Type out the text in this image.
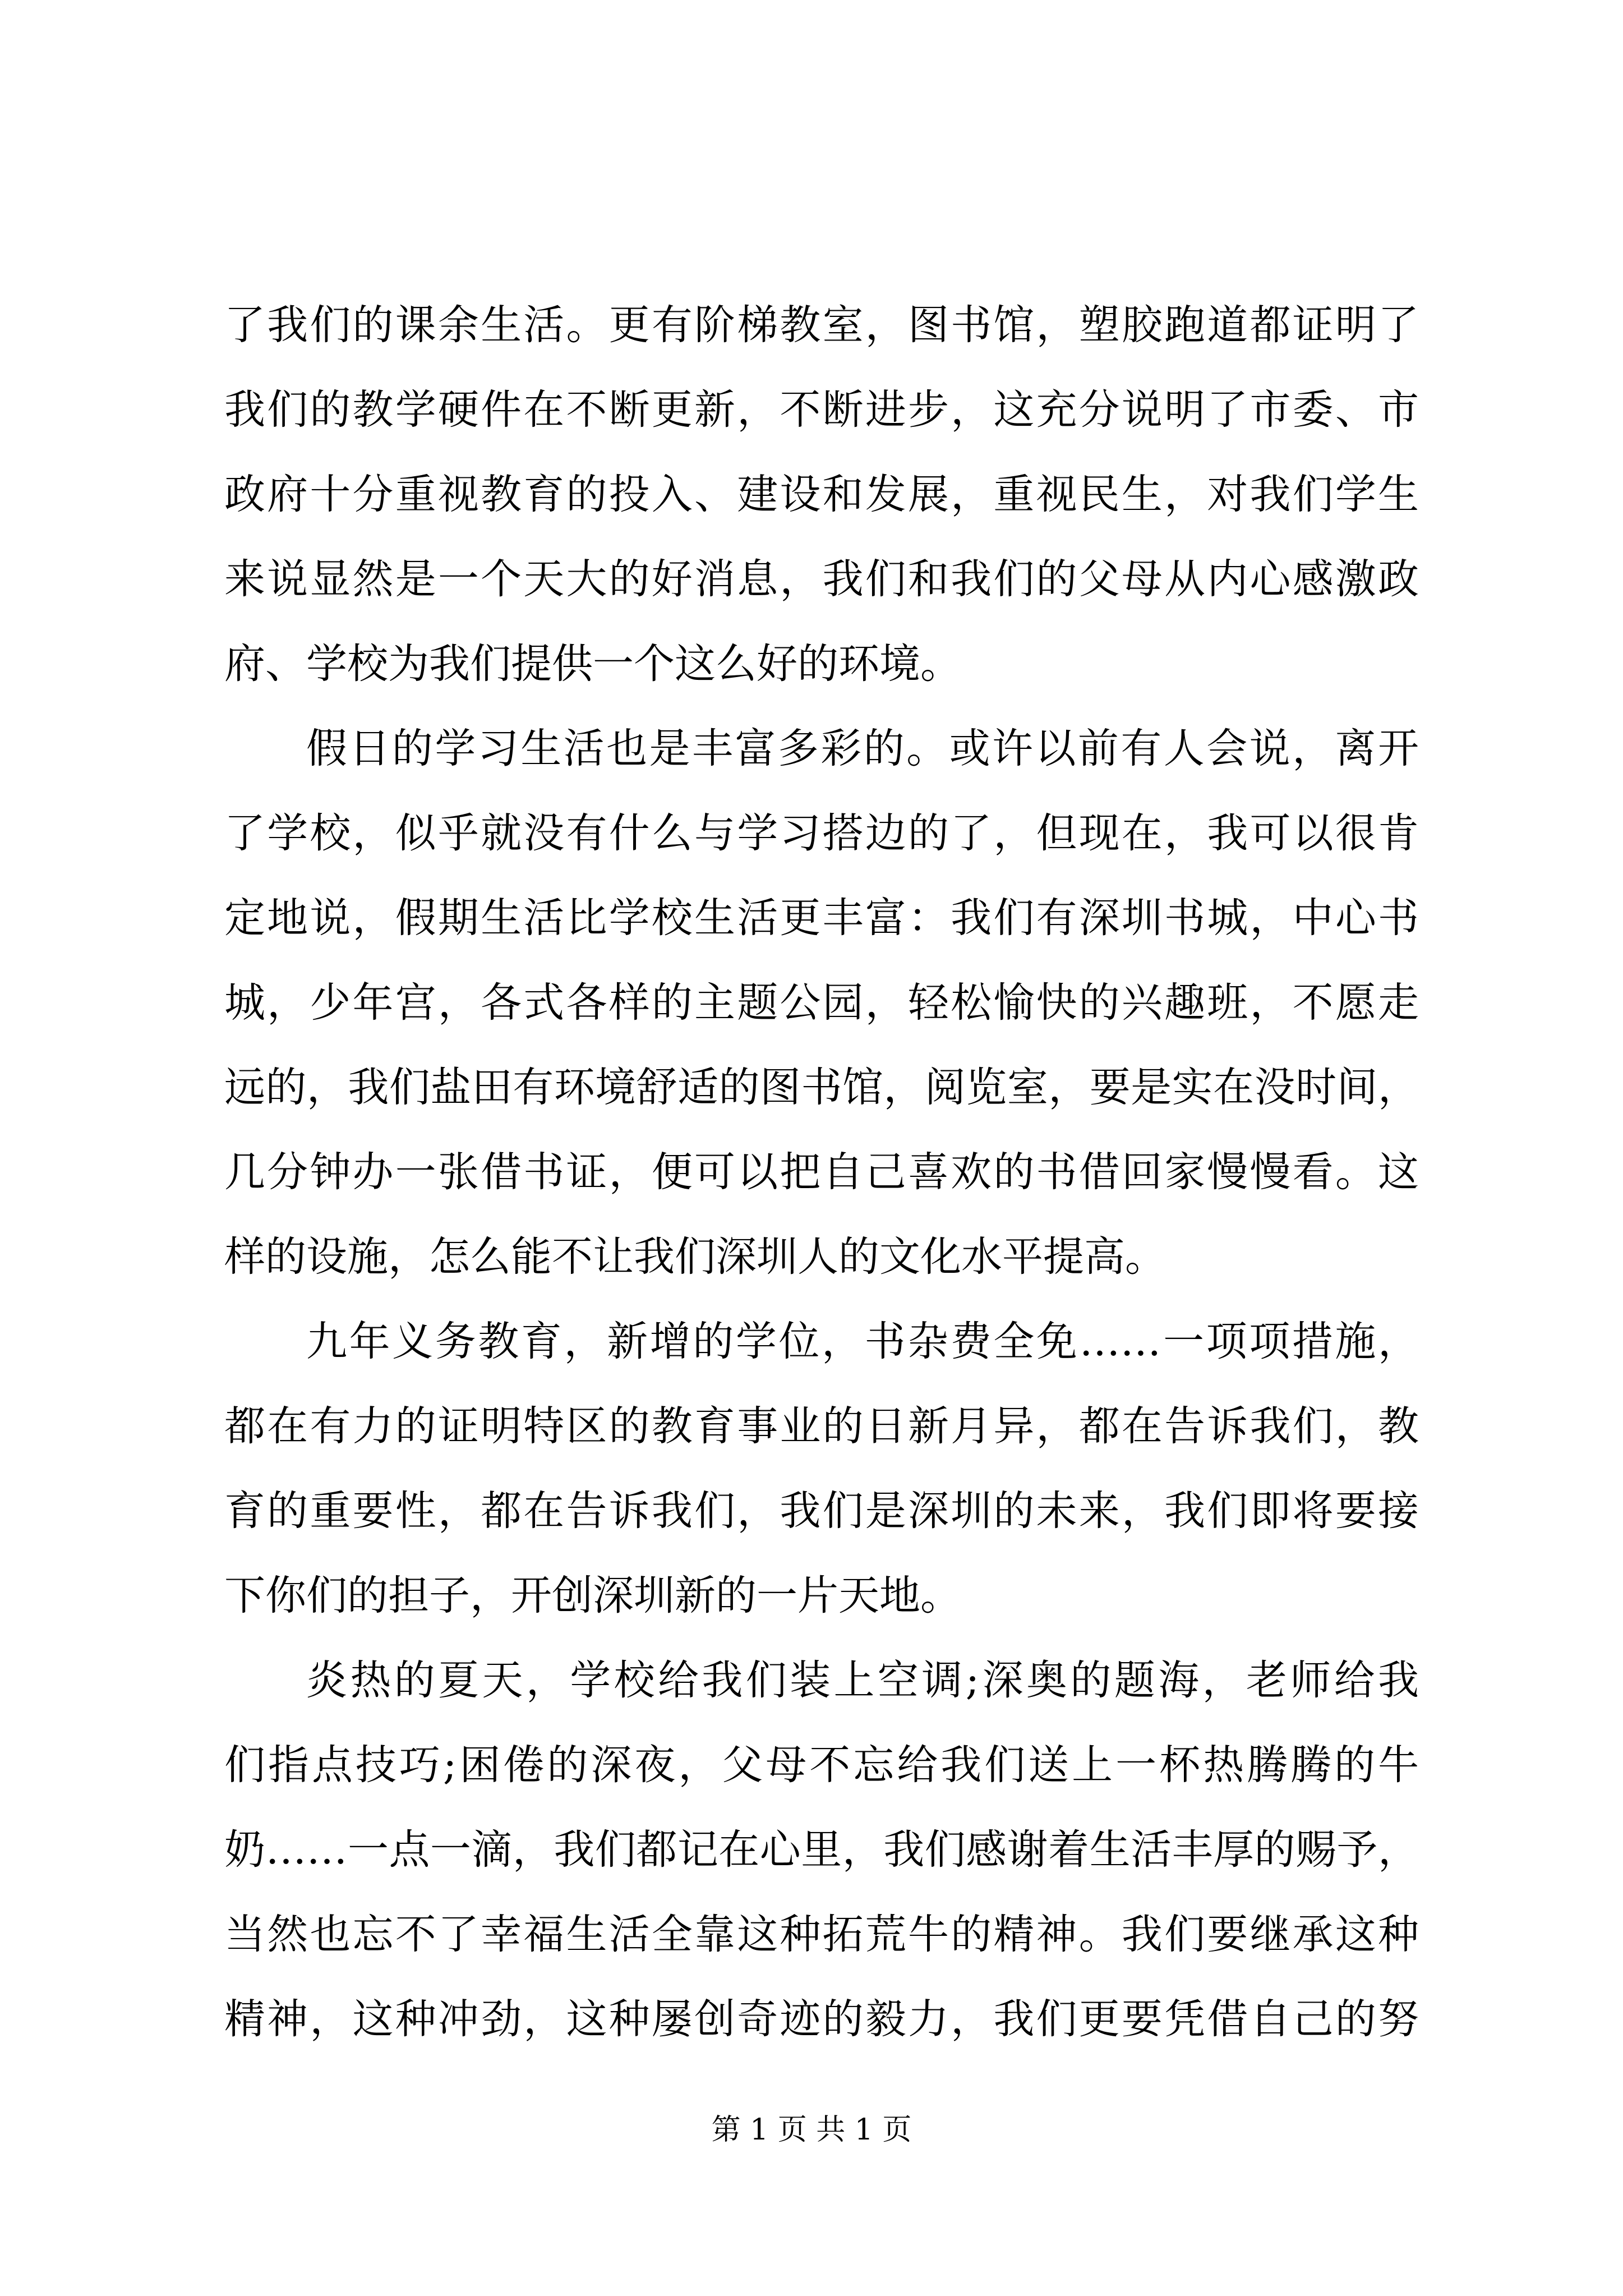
了我们的课余生活。更有阶梯教室，图书馆，塑胶跑道都证明了

我们的教学硬件在不断更新，不断进步，这充分说明了市委、市

政府十分重视教育的投入、建设和发展，重视民生，对我们学生

来说显然是一个天大的好消息，我们和我们的父母从内心感激政

府、学校为我们提供一个这么好的环境。

假日的学习生活也是丰富多彩的。或许以前有人会说，离开

了学校，似乎就没有什么与学习搭边的了，但现在，我可以很肯

定地说，假期生活比学校生活更丰富：我们有深圳书城，中心书

城，少年宫，各式各样的主题公园，轻松愉快的兴趣班，不愿走

远的，我们盐田有环境舒适的图书馆，阅览室，要是实在没时间，

几分钟办一张借书证，便可以把自己喜欢的书借回家慢慢看。这

样的设施，怎么能不让我们深圳人的文化水平提高。

九年义务教育，新增的学位，书杂费全免……一项项措施，

都在有力的证明特区的教育事业的日新月异，都在告诉我们，教

育的重要性，都在告诉我们，我们是深圳的未来，我们即将要接

下你们的担子，开创深圳新的一片天地。

炎热的夏天，学校给我们装上空调;深奥的题海，老师给我

们指点技巧;困倦的深夜，父母不忘给我们送上一杯热腾腾的牛

奶……一点一滴，我们都记在心里，我们感谢着生活丰厚的赐予，

当然也忘不了幸福生活全靠这种拓荒牛的精神。我们要继承这种

精神，这种冲劲，这种屡创奇迹的毅力，我们更要凭借自己的努

第 1 页 共 1 页
